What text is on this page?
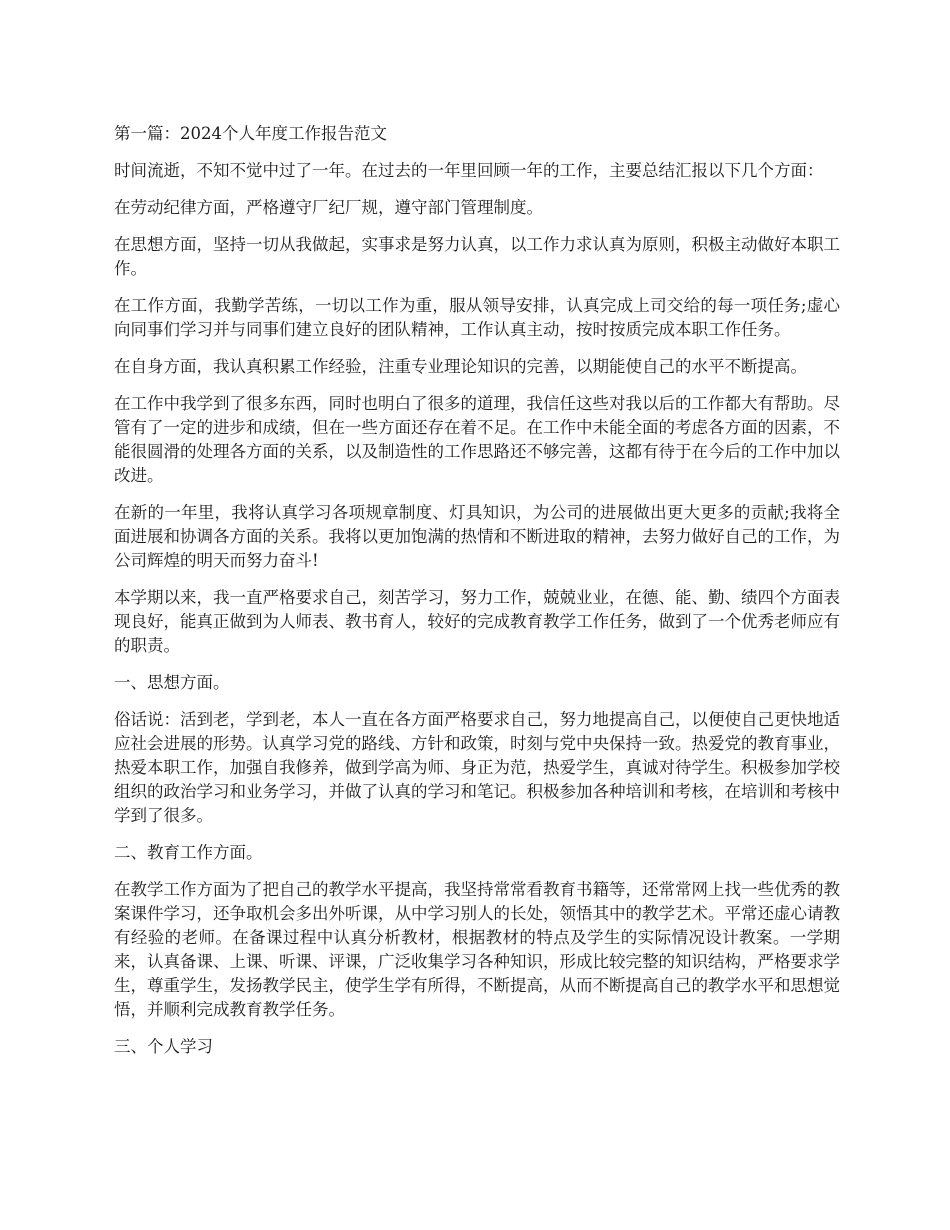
第一篇：2024个人年度工作报告范文

时间流逝，不知不觉中过了一年。在过去的一年里回顾一年的工作，主要总结汇报以下几个方面：

在劳动纪律方面，严格遵守厂纪厂规，遵守部门管理制度。

在思想方面，坚持一切从我做起，实事求是努力认真，以工作力求认真为原则，积极主动做好本职工作。

在工作方面，我勤学苦练，一切以工作为重，服从领导安排，认真完成上司交给的每一项任务;虚心向同事们学习并与同事们建立良好的团队精神，工作认真主动，按时按质完成本职工作任务。

在自身方面，我认真积累工作经验，注重专业理论知识的完善，以期能使自己的水平不断提高。

在工作中我学到了很多东西，同时也明白了很多的道理，我信任这些对我以后的工作都大有帮助。尽管有了一定的进步和成绩，但在一些方面还存在着不足。在工作中未能全面的考虑各方面的因素，不能很圆滑的处理各方面的关系，以及制造性的工作思路还不够完善，这都有待于在今后的工作中加以改进。

在新的一年里，我将认真学习各项规章制度、灯具知识，为公司的进展做出更大更多的贡献;我将全面进展和协调各方面的关系。我将以更加饱满的热情和不断进取的精神，去努力做好自己的工作，为公司辉煌的明天而努力奋斗!

本学期以来，我一直严格要求自己，刻苦学习，努力工作，兢兢业业，在德、能、勤、绩四个方面表现良好，能真正做到为人师表、教书育人，较好的完成教育教学工作任务，做到了一个优秀老师应有的职责。

一、思想方面。

俗话说：活到老，学到老，本人一直在各方面严格要求自己，努力地提高自己，以便使自己更快地适应社会进展的形势。认真学习党的路线、方针和政策，时刻与党中央保持一致。热爱党的教育事业，热爱本职工作，加强自我修养，做到学高为师、身正为范，热爱学生，真诚对待学生。积极参加学校组织的政治学习和业务学习，并做了认真的学习和笔记。积极参加各种培训和考核，在培训和考核中学到了很多。

二、教育工作方面。

在教学工作方面为了把自己的教学水平提高，我坚持常常看教育书籍等，还常常网上找一些优秀的教案课件学习，还争取机会多出外听课，从中学习别人的长处，领悟其中的教学艺术。平常还虚心请教有经验的老师。在备课过程中认真分析教材，根据教材的特点及学生的实际情况设计教案。一学期来，认真备课、上课、听课、评课，广泛收集学习各种知识，形成比较完整的知识结构，严格要求学生，尊重学生，发扬教学民主，使学生学有所得，不断提高，从而不断提高自己的教学水平和思想觉悟，并顺利完成教育教学任务。

三、个人学习
